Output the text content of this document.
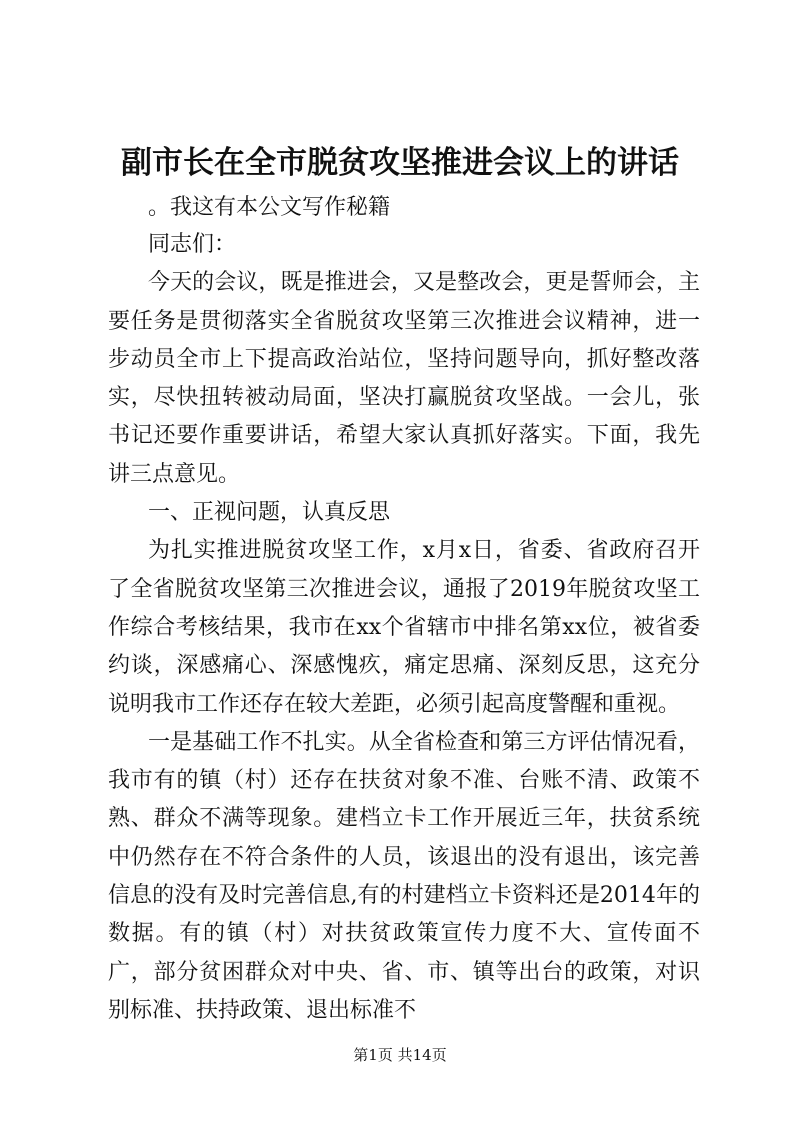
副市长在全市脱贫攻坚推进会议上的讲话

。我这有本公文写作秘籍

同志们：

今天的会议，既是推进会，又是整改会，更是誓师会，主要任务是贯彻落实全省脱贫攻坚第三次推进会议精神，进一步动员全市上下提高政治站位，坚持问题导向，抓好整改落实，尽快扭转被动局面，坚决打赢脱贫攻坚战。一会儿，张书记还要作重要讲话，希望大家认真抓好落实。下面，我先讲三点意见。

一、正视问题，认真反思

为扎实推进脱贫攻坚工作，x月x日，省委、省政府召开了全省脱贫攻坚第三次推进会议，通报了2019年脱贫攻坚工作综合考核结果，我市在xx个省辖市中排名第xx位，被省委约谈，深感痛心、深感愧疚，痛定思痛、深刻反思，这充分说明我市工作还存在较大差距，必须引起高度警醒和重视。

一是基础工作不扎实。从全省检查和第三方评估情况看，我市有的镇（村）还存在扶贫对象不准、台账不清、政策不熟、群众不满等现象。建档立卡工作开展近三年，扶贫系统中仍然存在不符合条件的人员，该退出的没有退出，该完善信息的没有及时完善信息,有的村建档立卡资料还是2014年的数据。有的镇（村）对扶贫政策宣传力度不大、宣传面不广，部分贫困群众对中央、省、市、镇等出台的政策，对识别标准、扶持政策、退出标准不

第1页 共14页
